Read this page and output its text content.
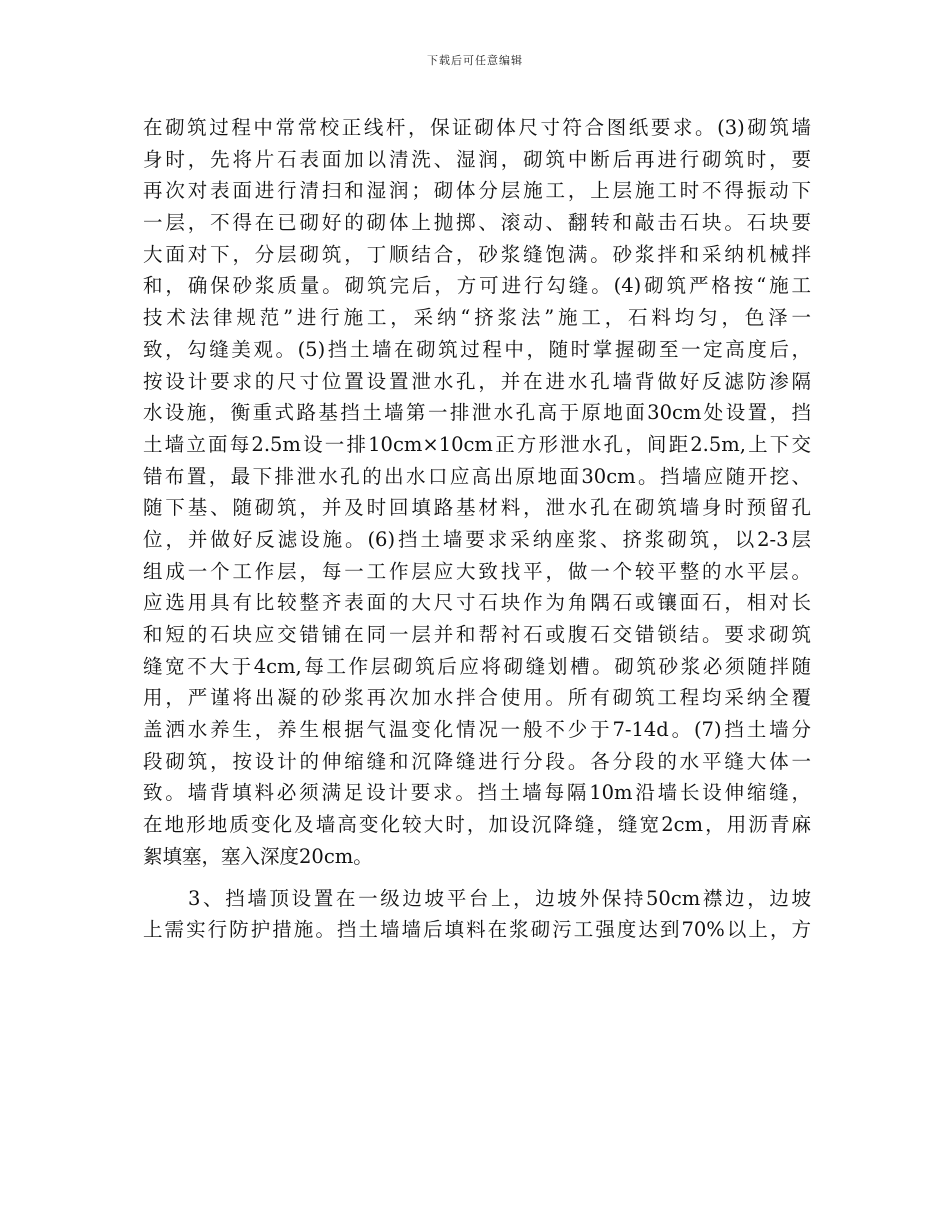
下载后可任意编辑
在砌筑过程中常常校正线杆，保证砌体尺寸符合图纸要求。(3)砌筑墙
身时，先将片石表面加以清洗、湿润，砌筑中断后再进行砌筑时，要
再次对表面进行清扫和湿润；砌体分层施工，上层施工时不得振动下
一层，不得在已砌好的砌体上抛掷、滚动、翻转和敲击石块。石块要
大面对下，分层砌筑，丁顺结合，砂浆缝饱满。砂浆拌和采纳机械拌
和，确保砂浆质量。砌筑完后，方可进行勾缝。(4)砌筑严格按“施工
技术法律规范”进行施工，采纳“挤浆法”施工，石料均匀，色泽一
致，勾缝美观。(5)挡土墙在砌筑过程中，随时掌握砌至一定高度后，
按设计要求的尺寸位置设置泄水孔，并在进水孔墙背做好反滤防渗隔
水设施，衡重式路基挡土墙第一排泄水孔高于原地面30cm处设置，挡
土墙立面每2.5m设一排10cm×10cm正方形泄水孔，间距2.5m,上下交
错布置，最下排泄水孔的出水口应高出原地面30cm。挡墙应随开挖、
随下基、随砌筑，并及时回填路基材料，泄水孔在砌筑墙身时预留孔
位，并做好反滤设施。(6)挡土墙要求采纳座浆、挤浆砌筑，以2-3层
组成一个工作层，每一工作层应大致找平，做一个较平整的水平层。
应选用具有比较整齐表面的大尺寸石块作为角隅石或镶面石，相对长
和短的石块应交错铺在同一层并和帮衬石或腹石交错锁结。要求砌筑
缝宽不大于4cm,每工作层砌筑后应将砌缝划槽。砌筑砂浆必须随拌随
用，严谨将出凝的砂浆再次加水拌合使用。所有砌筑工程均采纳全覆
盖洒水养生，养生根据气温变化情况一般不少于7-14d。(7)挡土墙分
段砌筑，按设计的伸缩缝和沉降缝进行分段。各分段的水平缝大体一
致。墙背填料必须满足设计要求。挡土墙每隔10m沿墙长设伸缩缝，
在地形地质变化及墙高变化较大时，加设沉降缝，缝宽2cm，用沥青麻
絮填塞，塞入深度20cm。
3、挡墙顶设置在一级边坡平台上，边坡外保持50cm襟边，边坡
上需实行防护措施。挡土墙墙后填料在浆砌污工强度达到70%以上，方
